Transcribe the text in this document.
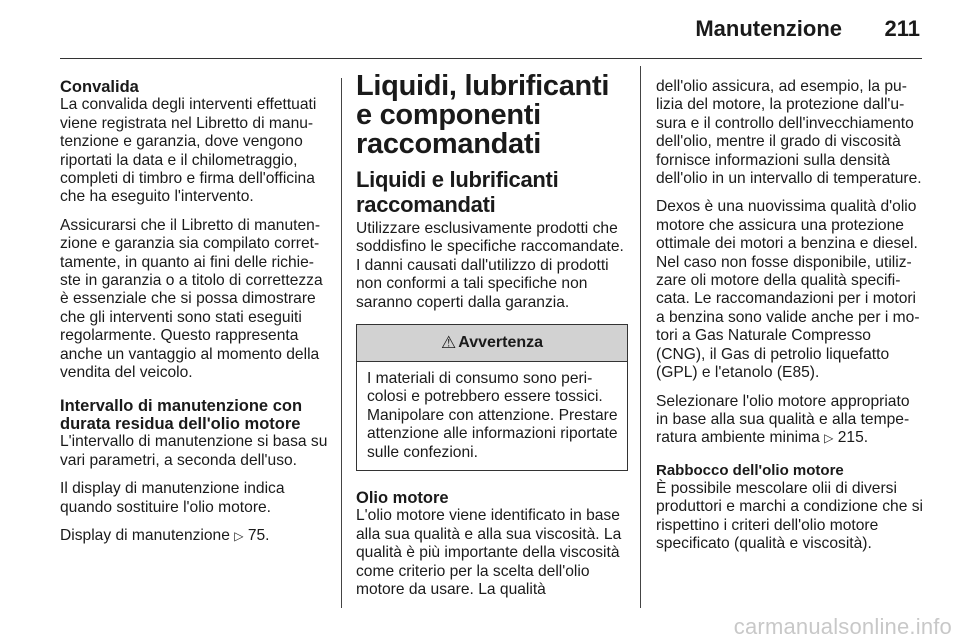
Manutenzione 211
Convalida

La convalida degli interventi effettuati viene registrata nel Libretto di manutenzione e garanzia, dove vengono riportati la data e il chilometraggio, completi di timbro e firma dell'officina che ha eseguito l'intervento.

Assicurarsi che il Libretto di manutenzione e garanzia sia compilato correttamente, in quanto ai fini delle richieste in garanzia o a titolo di correttezza è essenziale che si possa dimostrare che gli interventi sono stati eseguiti regolarmente. Questo rappresenta anche un vantaggio al momento della vendita del veicolo.

Intervallo di manutenzione con durata residua dell'olio motore

L'intervallo di manutenzione si basa su vari parametri, a seconda dell'uso.

Il display di manutenzione indica quando sostituire l'olio motore.

Display di manutenzione ▷ 75.

Liquidi, lubrificanti e componenti raccomandati
Liquidi e lubrificanti raccomandati

Utilizzare esclusivamente prodotti che soddisfino le specifiche raccomandate. I danni causati dall'utilizzo di prodotti non conformi a tali specifiche non saranno coperti dalla garanzia.

⚠ Avvertenza
I materiali di consumo sono pericolosi e potrebbero essere tossici. Manipolare con attenzione. Prestare attenzione alle informazioni riportate sulle confezioni.
Olio motore

L'olio motore viene identificato in base alla sua qualità e alla sua viscosità. La qualità è più importante della viscosità come criterio per la scelta dell'olio motore da usare. La qualità

dell'olio assicura, ad esempio, la pulizia del motore, la protezione dall'usura e il controllo dell'invecchiamento dell'olio, mentre il grado di viscosità fornisce informazioni sulla densità dell'olio in un intervallo di temperature.

Dexos è una nuovissima qualità d'olio motore che assicura una protezione ottimale dei motori a benzina e diesel. Nel caso non fosse disponibile, utilizzare oli motore della qualità specificata. Le raccomandazioni per i motori a benzina sono valide anche per i motori a Gas Naturale Compresso (CNG), il Gas di petrolio liquefatto (GPL) e l'etanolo (E85).

Selezionare l'olio motore appropriato in base alla sua qualità e alla temperatura ambiente minima ▷ 215.

Rabbocco dell'olio motore

È possibile mescolare olii di diversi produttori e marchi a condizione che si rispettino i criteri dell'olio motore specificato (qualità e viscosità).

carmanualsonline.info
